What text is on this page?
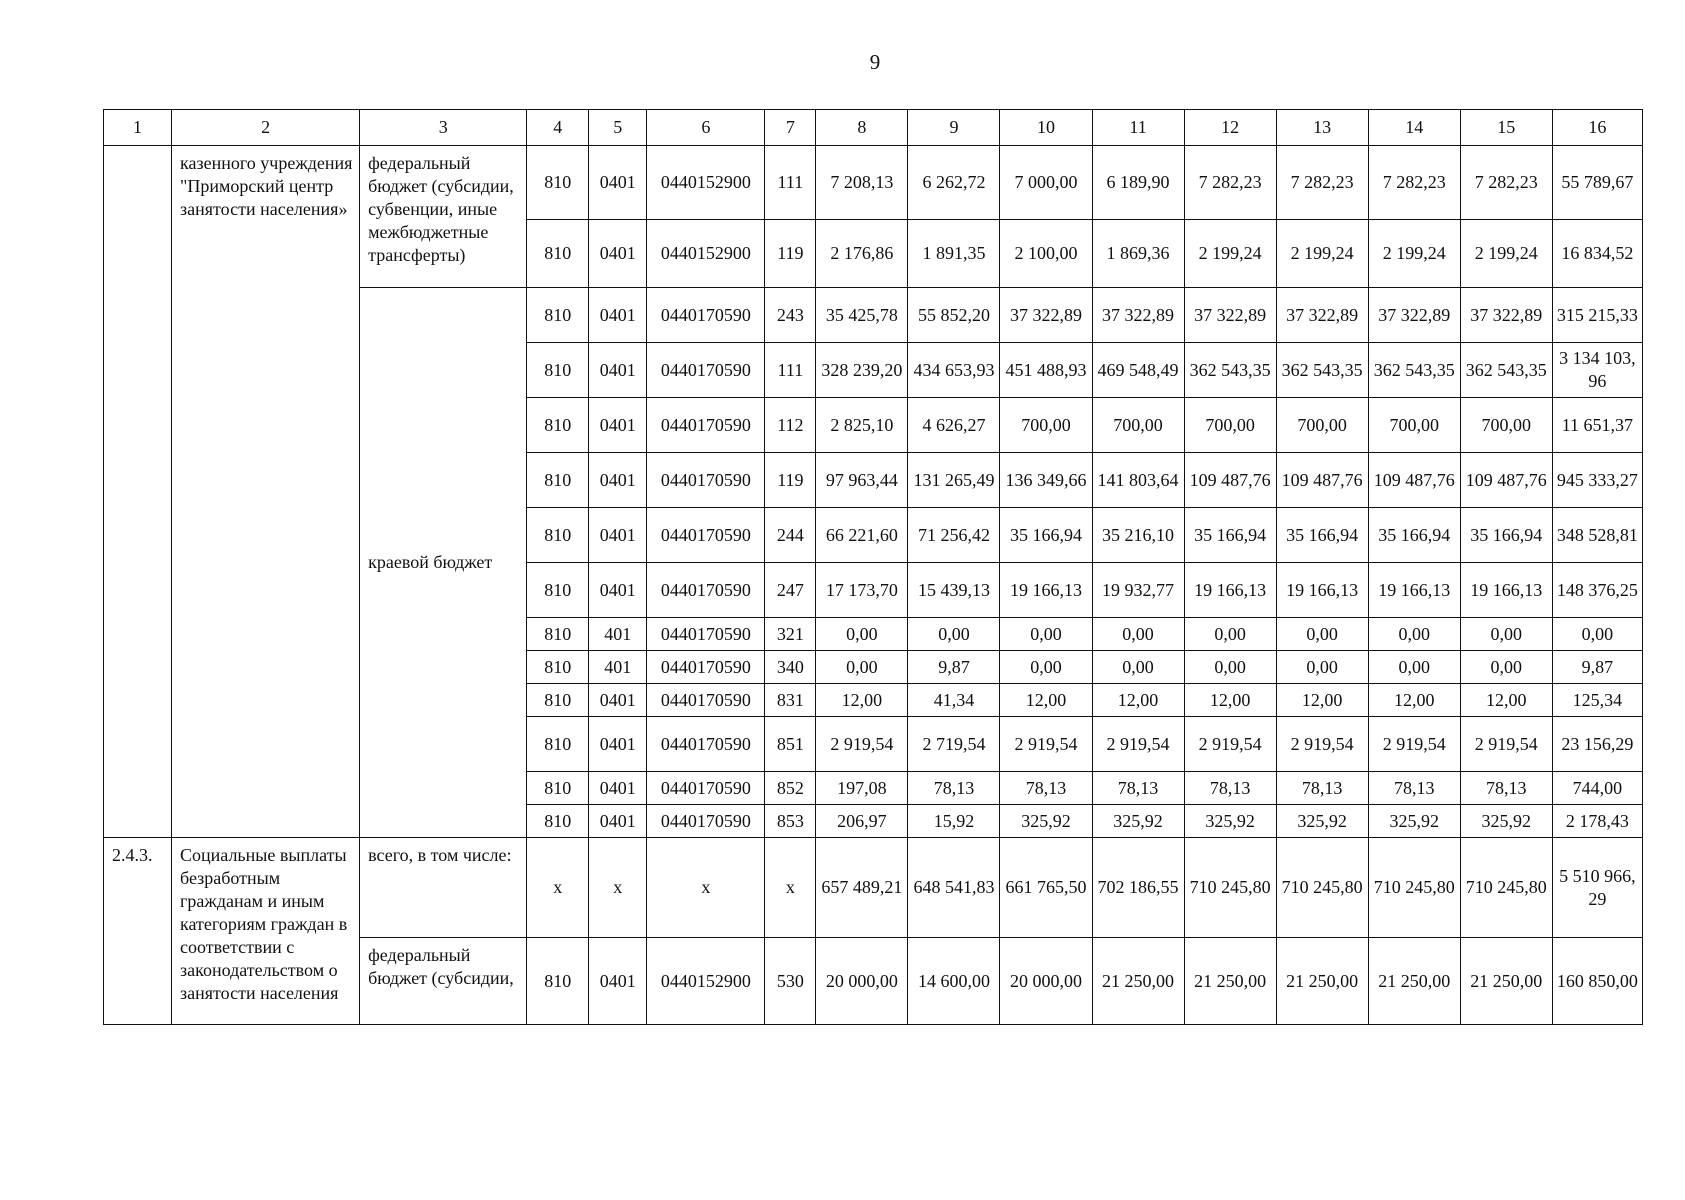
9
1	2	3	4	5	6	7	8	9	10	11	12	13	14	15	16
	казенного учреждения "Приморский центр занятости населения»	федеральный бюджет (субсидии, субвенции, иные межбюджетные трансферты)	810	0401	0440152900	111	7 208,13	6 262,72	7 000,00	6 189,90	7 282,23	7 282,23	7 282,23	7 282,23	55 789,67
			810	0401	0440152900	119	2 176,86	1 891,35	2 100,00	1 869,36	2 199,24	2 199,24	2 199,24	2 199,24	16 834,52
		краевой бюджет	810	0401	0440170590	243	35 425,78	55 852,20	37 322,89	37 322,89	37 322,89	37 322,89	37 322,89	37 322,89	315 215,33
			810	0401	0440170590	111	328 239,20	434 653,93	451 488,93	469 548,49	362 543,35	362 543,35	362 543,35	362 543,35	3 134 103,96
			810	0401	0440170590	112	2 825,10	4 626,27	700,00	700,00	700,00	700,00	700,00	700,00	11 651,37
			810	0401	0440170590	119	97 963,44	131 265,49	136 349,66	141 803,64	109 487,76	109 487,76	109 487,76	109 487,76	945 333,27
			810	0401	0440170590	244	66 221,60	71 256,42	35 166,94	35 216,10	35 166,94	35 166,94	35 166,94	35 166,94	348 528,81
			810	0401	0440170590	247	17 173,70	15 439,13	19 166,13	19 932,77	19 166,13	19 166,13	19 166,13	19 166,13	148 376,25
			810	401	0440170590	321	0,00	0,00	0,00	0,00	0,00	0,00	0,00	0,00	0,00
			810	401	0440170590	340	0,00	9,87	0,00	0,00	0,00	0,00	0,00	0,00	9,87
			810	0401	0440170590	831	12,00	41,34	12,00	12,00	12,00	12,00	12,00	12,00	125,34
			810	0401	0440170590	851	2 919,54	2 719,54	2 919,54	2 919,54	2 919,54	2 919,54	2 919,54	2 919,54	23 156,29
			810	0401	0440170590	852	197,08	78,13	78,13	78,13	78,13	78,13	78,13	78,13	744,00
			810	0401	0440170590	853	206,97	15,92	325,92	325,92	325,92	325,92	325,92	325,92	2 178,43
2.4.3.	Социальные выплаты безработным гражданам и иным категориям граждан в соответствии с законодательством о занятости населения	всего, в том числе:	x	x	x	x	657 489,21	648 541,83	661 765,50	702 186,55	710 245,80	710 245,80	710 245,80	710 245,80	5 510 966,29
		федеральный бюджет (субсидии,	810	0401	0440152900	530	20 000,00	14 600,00	20 000,00	21 250,00	21 250,00	21 250,00	21 250,00	21 250,00	160 850,00
